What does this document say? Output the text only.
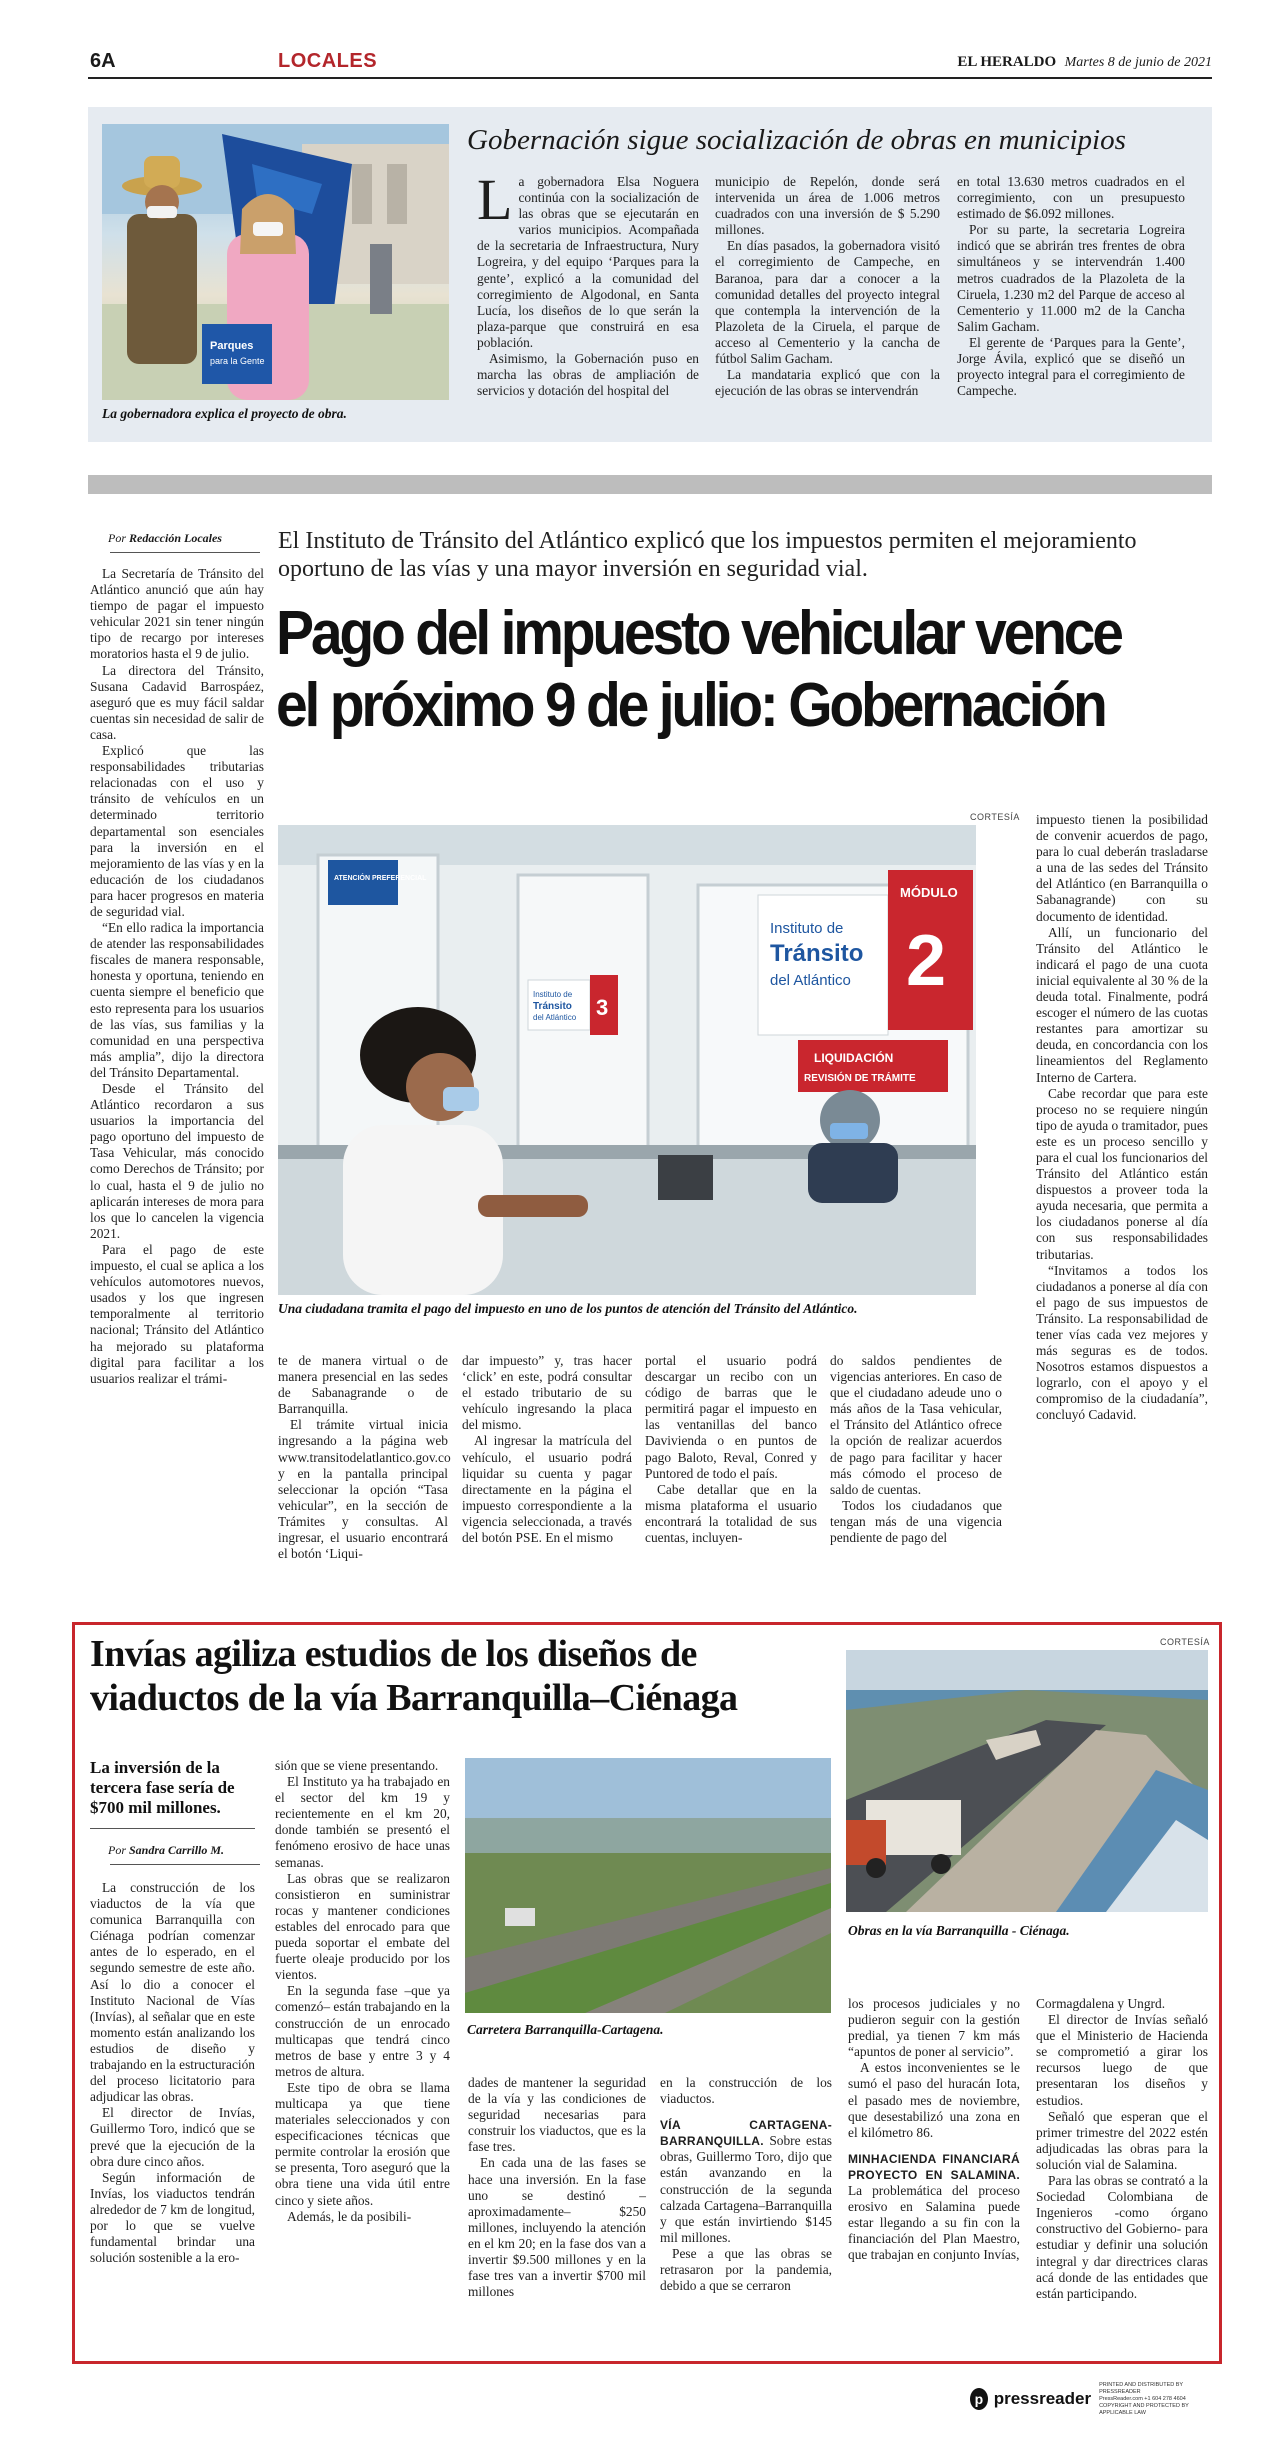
6A	LOCALES	EL HERALDO Martes 8 de junio de 2021
Parques
para la Gente
La gobernadora explica el proyecto de obra.
Gobernación sigue socialización de obras en municipios

La gobernadora Elsa Noguera continúa con la socialización de las obras que se ejecutarán en varios municipios. Acompañada de la secretaria de Infraestructura, Nury Logreira, y del equipo ‘Parques para la gente’, explicó a la comunidad del corregimiento de Algodonal, en Santa Lucía, los diseños de lo que serán la plaza-parque que construirá en esa población.

Asimismo, la Gobernación puso en marcha las obras de ampliación de servicios y dotación del hospital del

municipio de Repelón, donde será intervenida un área de 1.006 metros cuadrados con una inversión de $ 5.290 millones.

En días pasados, la gobernadora visitó el corregimiento de Campeche, en Baranoa, para dar a conocer a la comunidad detalles del proyecto integral que contempla la intervención de la Plazoleta de la Ciruela, el parque de acceso al Cementerio y la cancha de fútbol Salim Gacham.

La mandataria explicó que con la ejecución de las obras se intervendrán

en total 13.630 metros cuadrados en el corregimiento, con un presupuesto estimado de $6.092 millones.

Por su parte, la secretaria Logreira indicó que se abrirán tres frentes de obra simultáneos y se intervendrán 1.400 metros cuadrados de la Plazoleta de la Ciruela, 1.230 m2 del Parque de acceso al Cementerio y 11.000 m2 de la Cancha Salim Gacham.

El gerente de ‘Parques para la Gente’, Jorge Ávila, explicó que se diseñó un proyecto integral para el corregimiento de Campeche.

Por Redacción Locales El Instituto de Tránsito del Atlántico explicó que los impuestos permiten el mejoramiento oportuno de las vías y una mayor inversión en seguridad vial.
Pago del impuesto vehicular vence
el próximo 9 de julio: Gobernación
CORTESÍA
ATENCIÓN PREFERENCIAL
Instituto de
Tránsito
del Atlántico 3
Instituto de
Tránsito
del Atlántico
MÓDULO
2
LIQUIDACIÓN
REVISIÓN DE TRÁMITE
Una ciudadana tramita el pago del impuesto en uno de los puntos de atención del Tránsito del Atlántico.

La Secretaría de Tránsito del Atlántico anunció que aún hay tiempo de pagar el impuesto vehicular 2021 sin tener ningún tipo de recargo por intereses moratorios hasta el 9 de julio.

La directora del Tránsito, Susana Cadavid Barrospáez, aseguró que es muy fácil saldar cuentas sin necesidad de salir de casa.

Explicó que las responsabilidades tributarias relacionadas con el uso y tránsito de vehículos en un determinado territorio departamental son esenciales para la inversión en el mejoramiento de las vías y en la educación de los ciudadanos para hacer progresos en materia de seguridad vial.

“En ello radica la importancia de atender las responsabilidades fiscales de manera responsable, honesta y oportuna, teniendo en cuenta siempre el beneficio que esto representa para los usuarios de las vías, sus familias y la comunidad en una perspectiva más amplia”, dijo la directora del Tránsito Departamental.

Desde el Tránsito del Atlántico recordaron a sus usuarios la importancia del pago oportuno del impuesto de Tasa Vehicular, más conocido como Derechos de Tránsito; por lo cual, hasta el 9 de julio no aplicarán intereses de mora para los que lo cancelen la vigencia 2021.

Para el pago de este impuesto, el cual se aplica a los vehículos automotores nuevos, usados y los que ingresen temporalmente al territorio nacional; Tránsito del Atlántico ha mejorado su plataforma digital para facilitar a los usuarios realizar el trámi-

te de manera virtual o de manera presencial en las sedes de Sabanagrande o de Barranquilla.

El trámite virtual inicia ingresando a la página web www.transitodelatlantico.gov.co y en la pantalla principal seleccionar la opción “Tasa vehicular”, en la sección de Trámites y consultas. Al ingresar, el usuario encontrará el botón ‘Liqui-

dar impuesto” y, tras hacer ‘click’ en este, podrá consultar el estado tributario de su vehículo ingresando la placa del mismo.

Al ingresar la matrícula del vehículo, el usuario podrá liquidar su cuenta y pagar directamente en la página el impuesto correspondiente a la vigencia seleccionada, a través del botón PSE. En el mismo

portal el usuario podrá descargar un recibo con un código de barras que le permitirá pagar el impuesto en las ventanillas del banco Davivienda o en puntos de pago Baloto, Reval, Conred y Puntored de todo el país.

Cabe detallar que en la misma plataforma el usuario encontrará la totalidad de sus cuentas, incluyen-

do saldos pendientes de vigencias anteriores. En caso de que el ciudadano adeude uno o más años de la Tasa vehicular, el Tránsito del Atlántico ofrece la opción de realizar acuerdos de pago para facilitar y hacer más cómodo el proceso de saldo de cuentas.

Todos los ciudadanos que tengan más de una vigencia pendiente de pago del

impuesto tienen la posibilidad de convenir acuerdos de pago, para lo cual deberán trasladarse a una de las sedes del Tránsito del Atlántico (en Barranquilla o Sabanagrande) con su documento de identidad.

Allí, un funcionario del Tránsito del Atlántico le indicará el pago de una cuota inicial equivalente al 30 % de la deuda total. Finalmente, podrá escoger el número de las cuotas restantes para amortizar su deuda, en concordancia con los lineamientos del Reglamento Interno de Cartera.

Cabe recordar que para este proceso no se requiere ningún tipo de ayuda o tramitador, pues este es un proceso sencillo y para el cual los funcionarios del Tránsito del Atlántico están dispuestos a proveer toda la ayuda necesaria, que permita a los ciudadanos ponerse al día con sus responsabilidades tributarias.

“Invitamos a todos los ciudadanos a ponerse al día con el pago de sus impuestos de Tránsito. La responsabilidad de tener vías cada vez mejores y más seguras es de todos. Nosotros estamos dispuestos a lograrlo, con el apoyo y el compromiso de la ciudadanía”, concluyó Cadavid.

Invías agiliza estudios de los diseños de
viaductos de la vía Barranquilla–Ciénaga
La inversión de la tercera fase sería de $700 mil millones.
Por Sandra Carrillo M.
CORTESÍA
Obras en la vía Barranquilla - Ciénaga.
Carretera Barranquilla-Cartagena.

La construcción de los viaductos de la vía que comunica Barranquilla con Ciénaga podrían comenzar antes de lo esperado, en el segundo semestre de este año. Así lo dio a conocer el Instituto Nacional de Vías (Invías), al señalar que en este momento están analizando los estudios de diseño y trabajando en la estructuración del proceso licitatorio para adjudicar las obras.

El director de Invías, Guillermo Toro, indicó que se prevé que la ejecución de la obra dure cinco años.

Según información de Invías, los viaductos tendrán alrededor de 7 km de longitud, por lo que se vuelve fundamental brindar una solución sostenible a la ero-

sión que se viene presentando.

El Instituto ya ha trabajado en el sector del km 19 y recientemente en el km 20, donde también se presentó el fenómeno erosivo de hace unas semanas.

Las obras que se realizaron consistieron en suministrar rocas y mantener condiciones estables del enrocado para que pueda soportar el embate del fuerte oleaje producido por los vientos.

En la segunda fase –que ya comenzó– están trabajando en la construcción de un enrocado multicapas que tendrá cinco metros de base y entre 3 y 4 metros de altura.

Este tipo de obra se llama multicapa ya que tiene materiales seleccionados y con especificaciones técnicas que permite controlar la erosión que se presenta, Toro aseguró que la obra tiene una vida útil entre cinco y siete años.

Además, le da posibili-

dades de mantener la seguridad de la vía y las condiciones de seguridad necesarias para construir los viaductos, que es la fase tres.

En cada una de las fases se hace una inversión. En la fase uno se destinó –aproximadamente– $250 millones, incluyendo la atención en el km 20; en la fase dos van a invertir $9.500 millones y en la fase tres van a invertir $700 mil millones

en la construcción de los viaductos.

VÍA CARTAGENA-BARRANQUILLA. Sobre estas obras, Guillermo Toro, dijo que están avanzando en la construcción de la segunda calzada Cartagena–Barranquilla y que están invirtiendo $145 mil millones.

Pese a que las obras se retrasaron por la pandemia, debido a que se cerraron

los procesos judiciales y no pudieron seguir con la gestión predial, ya tienen 7 km más “apuntos de poner al servicio”.

A estos inconvenientes se le sumó el paso del huracán Iota, el pasado mes de noviembre, que desestabilizó una zona en el kilómetro 86.

MINHACIENDA FINANCIARÁ PROYECTO EN SALAMINA. La problemática del proceso erosivo en Salamina puede estar llegando a su fin con la financiación del Plan Maestro, que trabajan en conjunto Invías,

Cormagdalena y Ungrd.

El director de Invías señaló que el Ministerio de Hacienda se comprometió a girar los recursos luego de que presentaran los diseños y estudios.

Señaló que esperan que el primer trimestre del 2022 estén adjudicadas las obras para la solución vial de Salamina.

Para las obras se contrató a la Sociedad Colombiana de Ingenieros -como órgano constructivo del Gobierno- para estudiar y definir una solución integral y dar directrices claras acá donde de las entidades que están participando.

p pressreader
PRINTED AND DISTRIBUTED BY PRESSREADER
PressReader.com +1 604 278 4604
COPYRIGHT AND PROTECTED BY APPLICABLE LAW
